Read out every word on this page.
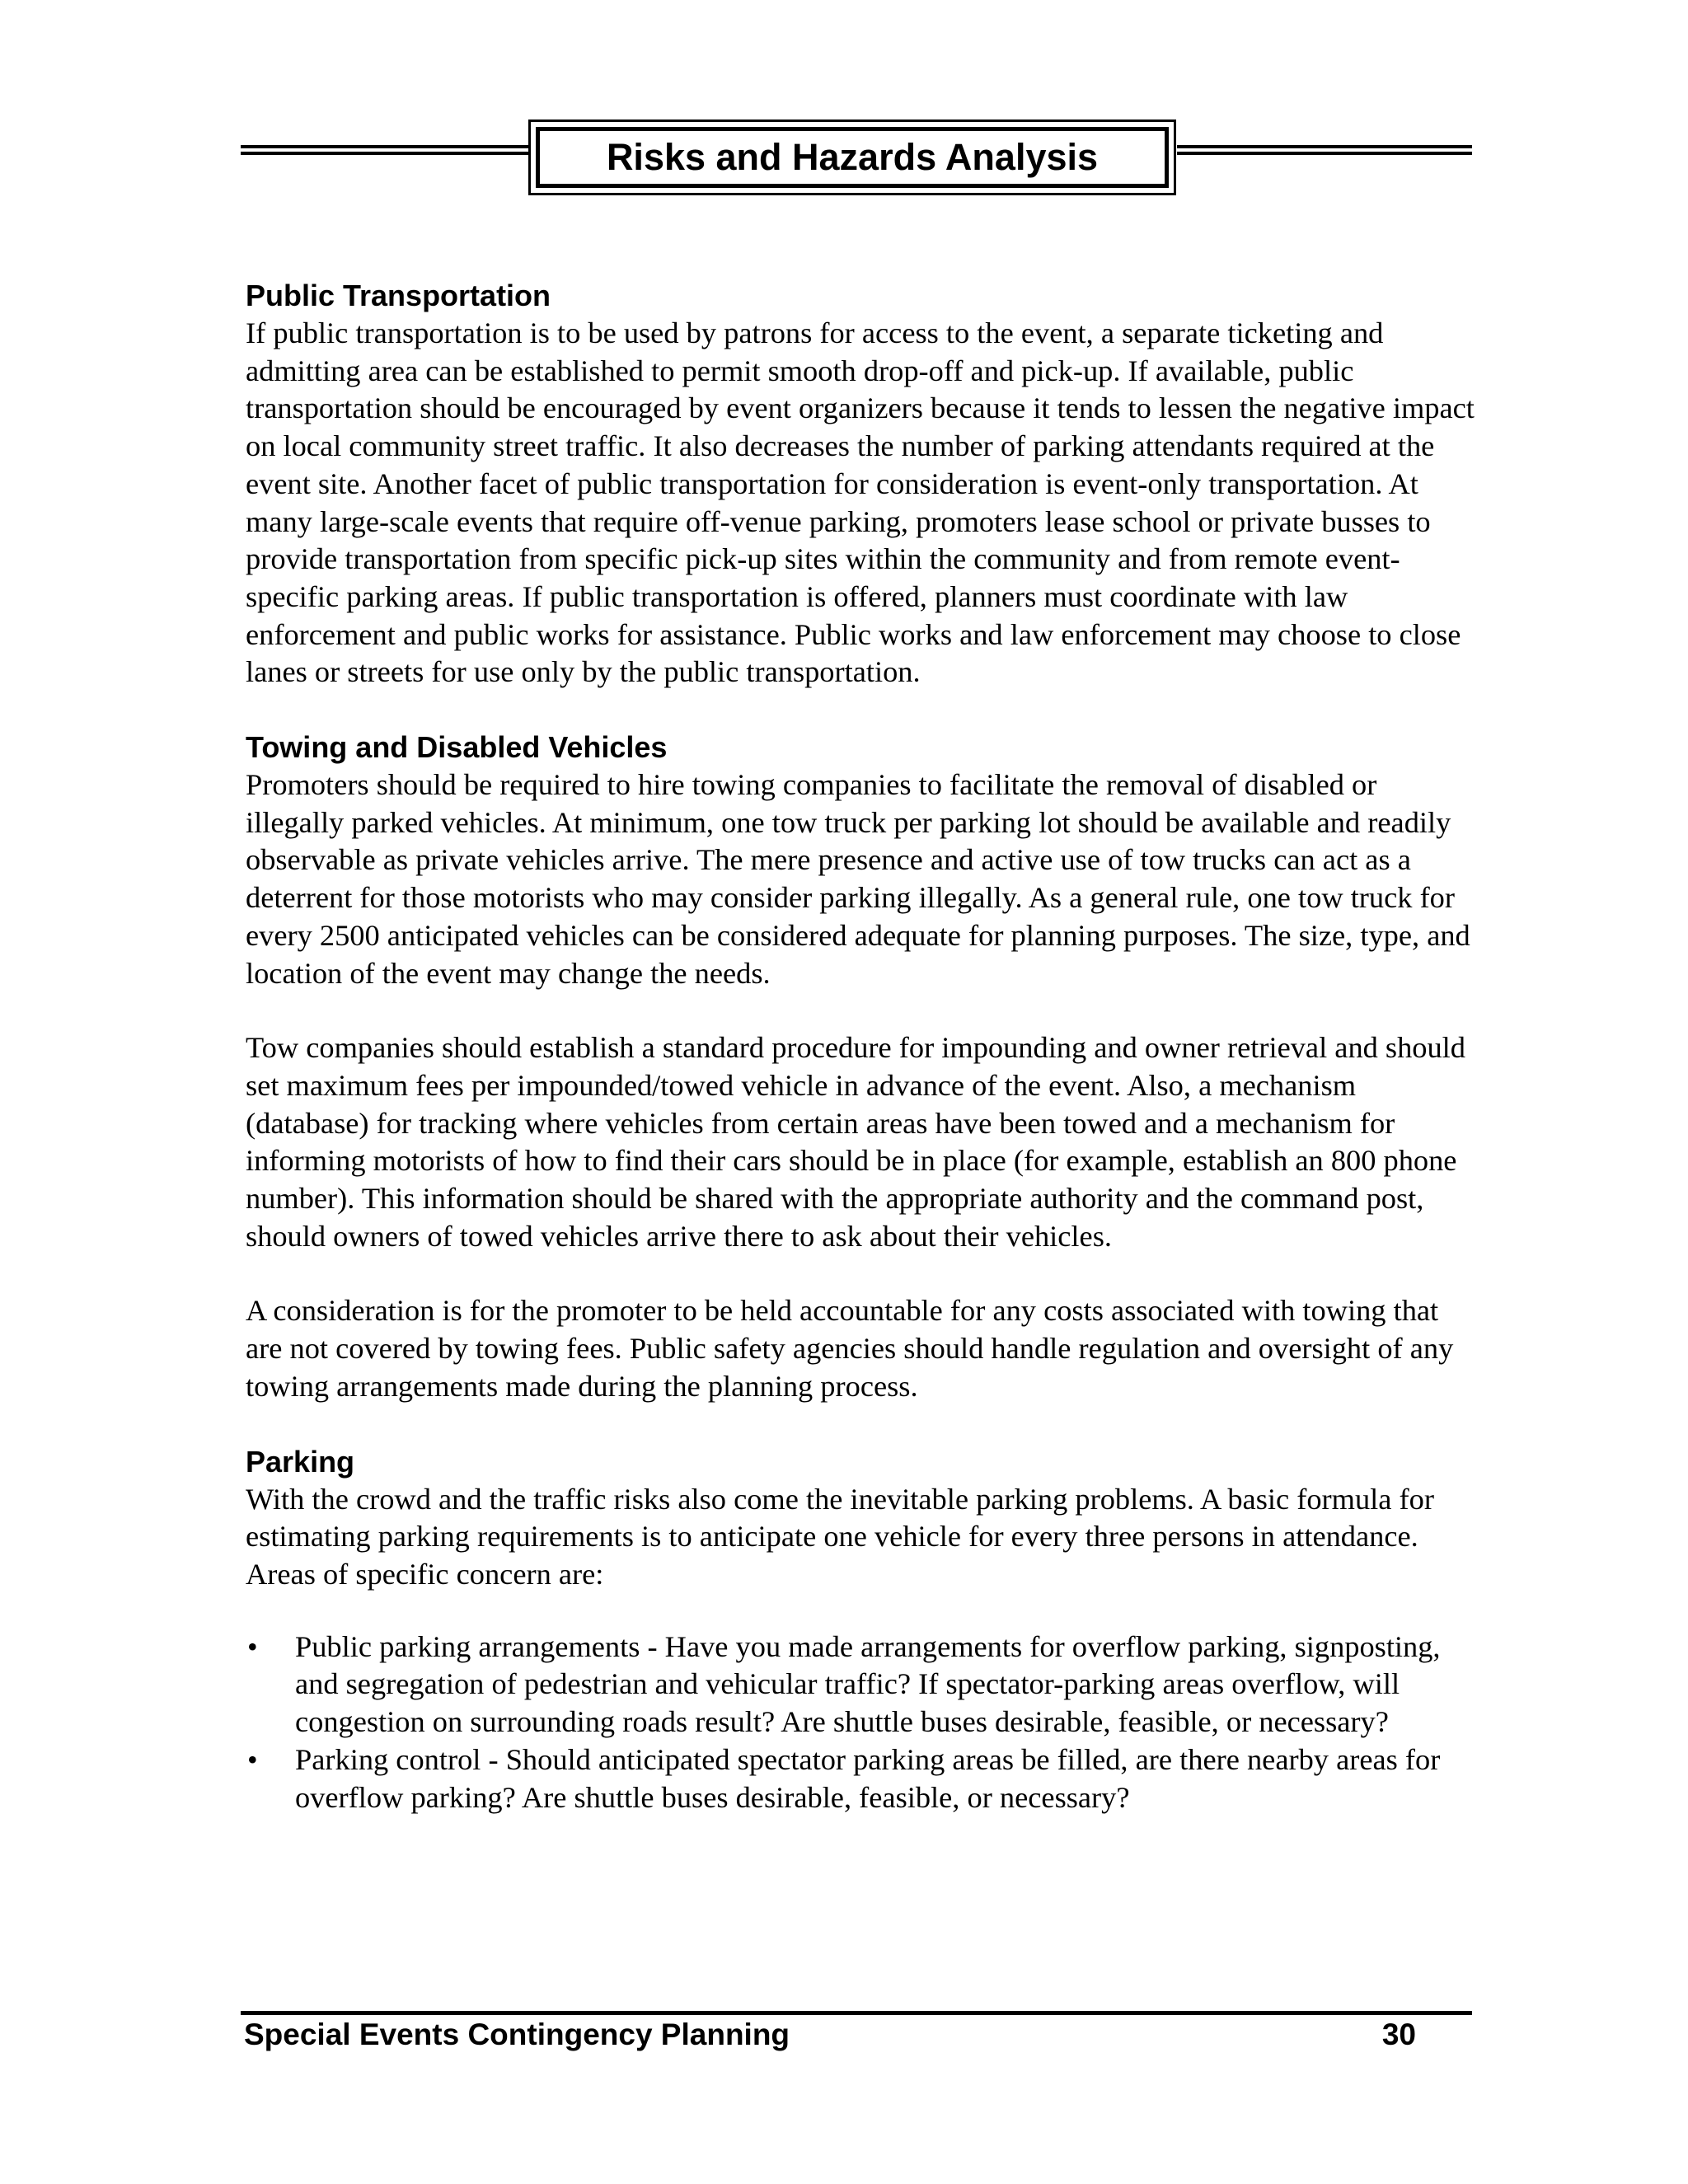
Risks and Hazards Analysis
Public Transportation

If public transportation is to be used by patrons for access to the event, a separate ticketing and admitting area can be established to permit smooth drop-off and pick-up. If available, public transportation should be encouraged by event organizers because it tends to lessen the negative impact on local community street traffic. It also decreases the number of parking attendants required at the event site. Another facet of public transportation for consideration is event-only transportation. At many large-scale events that require off-venue parking, promoters lease school or private busses to provide transportation from specific pick-up sites within the community and from remote event-specific parking areas. If public transportation is offered, planners must coordinate with law enforcement and public works for assistance. Public works and law enforcement may choose to close lanes or streets for use only by the public transportation.

Towing and Disabled Vehicles

Promoters should be required to hire towing companies to facilitate the removal of disabled or illegally parked vehicles. At minimum, one tow truck per parking lot should be available and readily observable as private vehicles arrive. The mere presence and active use of tow trucks can act as a deterrent for those motorists who may consider parking illegally. As a general rule, one tow truck for every 2500 anticipated vehicles can be considered adequate for planning purposes. The size, type, and location of the event may change the needs.

Tow companies should establish a standard procedure for impounding and owner retrieval and should set maximum fees per impounded/towed vehicle in advance of the event. Also, a mechanism (database) for tracking where vehicles from certain areas have been towed and a mechanism for informing motorists of how to find their cars should be in place (for example, establish an 800 phone number). This information should be shared with the appropriate authority and the command post, should owners of towed vehicles arrive there to ask about their vehicles.

A consideration is for the promoter to be held accountable for any costs associated with towing that are not covered by towing fees. Public safety agencies should handle regulation and oversight of any towing arrangements made during the planning process.

Parking

With the crowd and the traffic risks also come the inevitable parking problems. A basic formula for estimating parking requirements is to anticipate one vehicle for every three persons in attendance. Areas of specific concern are:

• Public parking arrangements - Have you made arrangements for overflow parking, signposting, and segregation of pedestrian and vehicular traffic? If spectator-parking areas overflow, will congestion on surrounding roads result? Are shuttle buses desirable, feasible, or necessary?
• Parking control - Should anticipated spectator parking areas be filled, are there nearby areas for overflow parking? Are shuttle buses desirable, feasible, or necessary?
Special Events Contingency Planning	30
